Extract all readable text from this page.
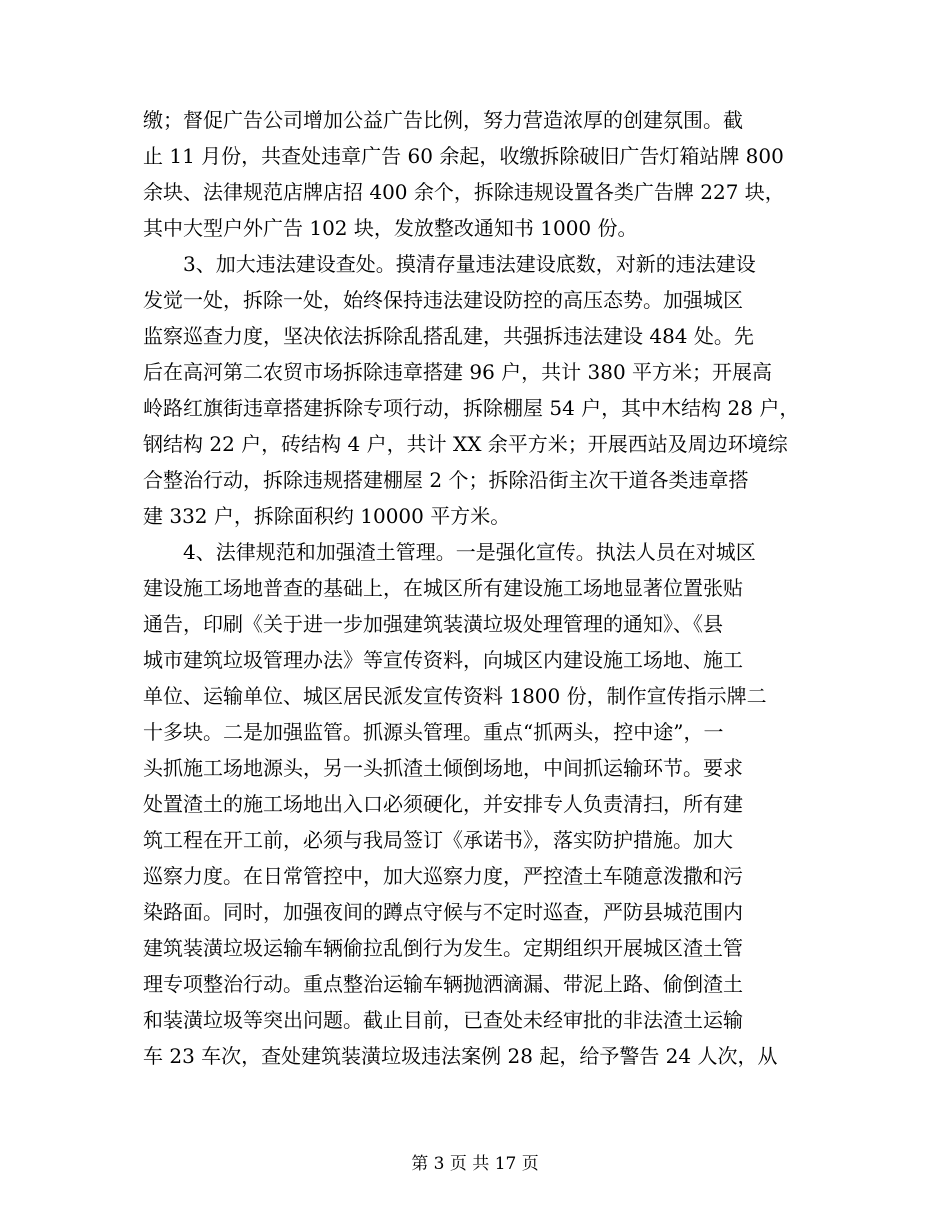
缴；督促广告公司增加公益广告比例，努力营造浓厚的创建氛围。截
止 11 月份，共查处违章广告 60 余起，收缴拆除破旧广告灯箱站牌 800
余块、法律规范店牌店招 400 余个，拆除违规设置各类广告牌 227 块，
其中大型户外广告 102 块，发放整改通知书 1000 份。
3、加大违法建设查处。摸清存量违法建设底数，对新的违法建设
发觉一处，拆除一处，始终保持违法建设防控的高压态势。加强城区
监察巡查力度，坚决依法拆除乱搭乱建，共强拆违法建设 484 处。先
后在高河第二农贸市场拆除违章搭建 96 户，共计 380 平方米；开展高
岭路红旗街违章搭建拆除专项行动，拆除棚屋 54 户，其中木结构 28 户，
钢结构 22 户，砖结构 4 户，共计 XX 余平方米；开展西站及周边环境综
合整治行动，拆除违规搭建棚屋 2 个；拆除沿街主次干道各类违章搭
建 332 户，拆除面积约 10000 平方米。
4、法律规范和加强渣土管理。一是强化宣传。执法人员在对城区
建设施工场地普查的基础上，在城区所有建设施工场地显著位置张贴
通告，印刷《关于进一步加强建筑装潢垃圾处理管理的通知》、《县
城市建筑垃圾管理办法》等宣传资料，向城区内建设施工场地、施工
单位、运输单位、城区居民派发宣传资料 1800 份，制作宣传指示牌二
十多块。二是加强监管。抓源头管理。重点“抓两头，控中途”，一
头抓施工场地源头，另一头抓渣土倾倒场地，中间抓运输环节。要求
处置渣土的施工场地出入口必须硬化，并安排专人负责清扫，所有建
筑工程在开工前，必须与我局签订《承诺书》，落实防护措施。加大
巡察力度。在日常管控中，加大巡察力度，严控渣土车随意泼撒和污
染路面。同时，加强夜间的蹲点守候与不定时巡查，严防县城范围内
建筑装潢垃圾运输车辆偷拉乱倒行为发生。定期组织开展城区渣土管
理专项整治行动。重点整治运输车辆抛洒滴漏、带泥上路、偷倒渣土
和装潢垃圾等突出问题。截止目前，已查处未经审批的非法渣土运输
车 23 车次，查处建筑装潢垃圾违法案例 28 起，给予警告 24 人次，从
第 3 页 共 17 页
